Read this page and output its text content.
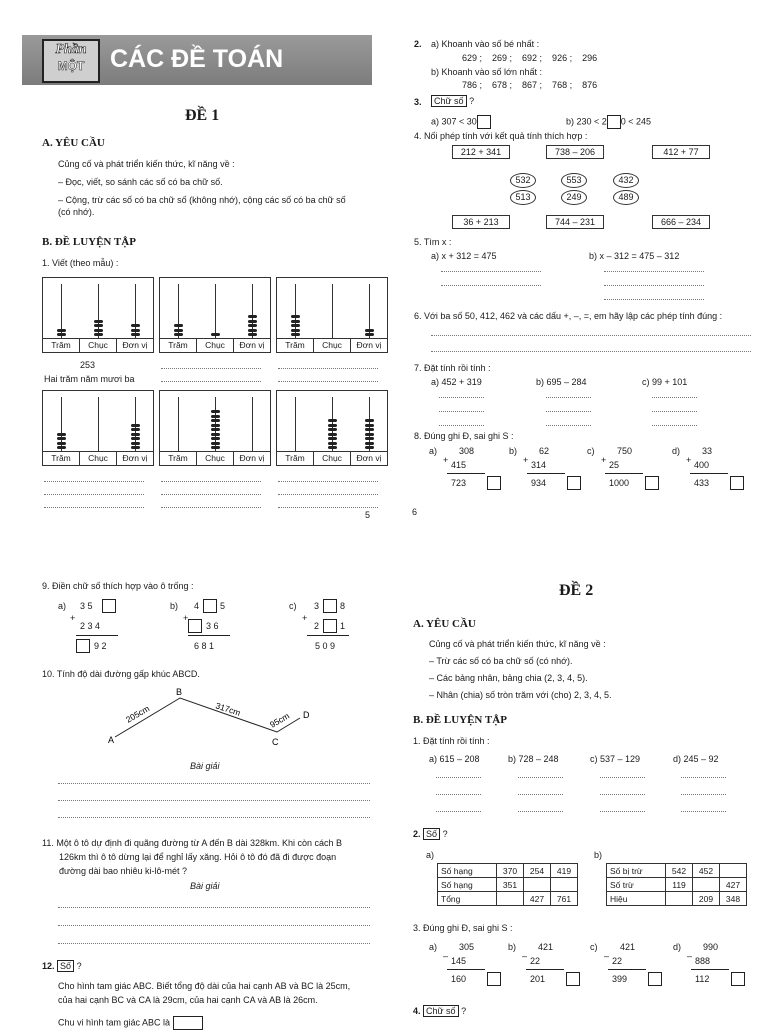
Phần
MỘT	CÁC ĐỀ TOÁN
ĐỀ 1
A. YÊU CẦU
Củng cố và phát triển kiến thức, kĩ năng về :
– Đọc, viết, so sánh các số có ba chữ số.
– Cộng, trừ các số có ba chữ số (không nhớ), cộng các số có ba chữ số
(có nhớ).
B. ĐỀ LUYỆN TẬP
1. Viết (theo mẫu) :
253
Hai trăm năm mươi ba
5
Trăm	Chục	Đơn vị	Trăm	Chục	Đơn vị	Trăm	Chục	Đơn vị
Trăm	Chục	Đơn vị	Trăm	Chục	Đơn vị	Trăm	Chục	Đơn vị
2. a) Khoanh vào số bé nhất :
629 ;    269 ;    692 ;    926 ;    296
b) Khoanh vào số lớn nhất :
786 ;    678 ;    867 ;    768 ;    876
3.	Chữ số ?
a) 307 < 30	b) 230 < 2 0 < 245
4. Nối phép tính với kết quả tính thích hợp :
212 + 341	738 – 206	412 + 77
532	553	432
513	249	489
36 + 213	744 – 231	666 – 234
5. Tìm x :
a) x + 312 = 475	b) x – 312 = 475 – 312
6. Với ba số 50, 412, 462 và các dấu +, –, =, em hãy lập các phép tính đúng :
7. Đặt tính rồi tính :
a) 452 + 319	b) 695 – 284	c) 99 + 101
8. Đúng ghi Đ, sai ghi S :
6
a) 308
+ 415
723
b) 62
+ 314
934
c)	750
+ 25
1000
d) 33
+ 400
433
9. Điền chữ số thích hợp vào ô trống :
a) 3 5
+
2 3 4
9 2
b) 4 5
+
3 6
6 8 1
c) 3 8
+
2 1
5 0 9
10. Tính độ dài đường gấp khúc ABCD.
A
B
C
D
205cm	317cm
95cm
Bài giải
11. Một ô tô dự định đi quãng đường từ A đến B dài 328km. Khi còn cách B
126km thì ô tô dừng lại để nghỉ lấy xăng. Hỏi ô tô đó đã đi được đoạn
đường dài bao nhiêu ki-lô-mét ?
Bài giải
12. Số ?
Cho hình tam giác ABC. Biết tổng độ dài của hai cạnh AB và BC là 25cm,
của hai cạnh BC và CA là 29cm, của hai cạnh CA và AB là 26cm.
Chu vi hình tam giác ABC là
ĐỀ 2
A. YÊU CẦU
Củng cố và phát triển kiến thức, kĩ năng về :
– Trừ các số có ba chữ số (có nhớ).
– Các bảng nhân, bảng chia (2, 3, 4, 5).
– Nhân (chia) số tròn trăm với (cho) 2, 3, 4, 5.
B. ĐỀ LUYỆN TẬP
1. Đặt tính rồi tính :
a) 615 – 208	b) 728 – 248	c) 537 – 129	d) 245 – 92
2. Số ?
a)	b)
Số hạng	370	254	419
Số hạng	351		
Tổng		427	761
Số bị trừ	542	452	
Số trừ	119		427
Hiệu		209	348
3. Đúng ghi Đ, sai ghi S :
4. Chữ số ?
a) 305
– 145
160
b) 421
– 22
201
c)	421
– 22
399
d) 990
– 888
112
